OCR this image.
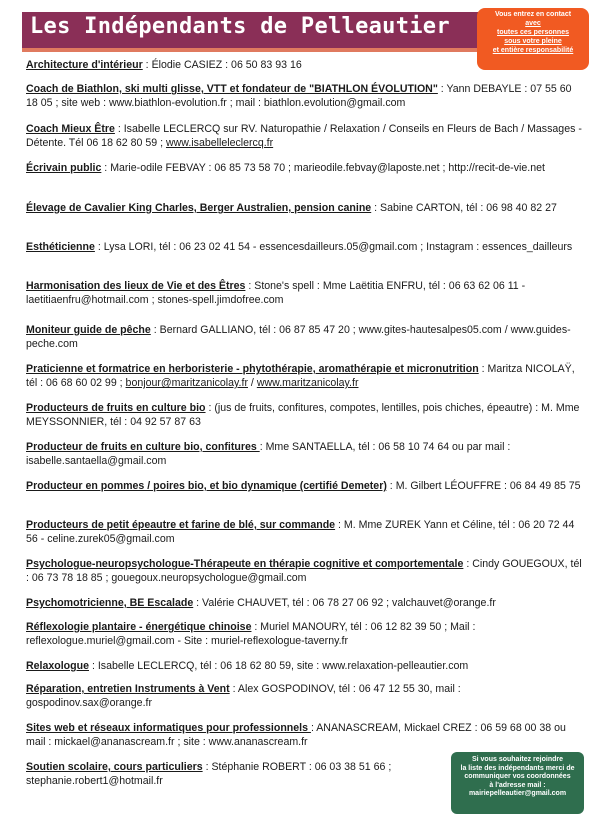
Les Indépendants de Pelleautier	Vous entrez en contact
avec
toutes ces personnes
sous votre pleine
et entière responsabilité
Architecture d'intérieur : Élodie CASIEZ : 06 50 83 93 16
Coach de Biathlon, ski multi glisse, VTT et fondateur de "BIATHLON ÉVOLUTION" : Yann DEBAYLE : 07 55 60 18 05 ; site web : www.biathlon-evolution.fr ; mail : biathlon.evolution@gmail.com
Coach Mieux Être : Isabelle LECLERCQ sur RV. Naturopathie / Relaxation / Conseils en Fleurs de Bach / Massages - Détente. Tél 06 18 62 80 59 ; www.isabelleleclercq.fr
Écrivain public : Marie-odile FEBVAY : 06 85 73 58 70 ; marieodile.febvay@laposte.net ; http://recit-de-vie.net
Élevage de Cavalier King Charles, Berger Australien, pension canine : Sabine CARTON, tél : 06 98 40 82 27
Esthéticienne : Lysa LORI, tél : 06 23 02 41 54 - essencesdailleurs.05@gmail.com ; Instagram : essences_dailleurs
Harmonisation des lieux de Vie et des Êtres : Stone's spell : Mme Laëtitia ENFRU, tél : 06 63 62 06 11 - laetitiaenfru@hotmail.com ; stones-spell.jimdofree.com
Moniteur guide de pêche : Bernard GALLIANO, tél : 06 87 85 47 20 ; www.gites-hautesalpes05.com / www.guides-peche.com
Praticienne et formatrice en herboristerie - phytothérapie, aromathérapie et micronutrition : Maritza NICOLAŸ, tél : 06 68 60 02 99 ; bonjour@maritzanicolay.fr / www.maritzanicolay.fr
Producteurs de fruits en culture bio : (jus de fruits, confitures, compotes, lentilles, pois chiches, épeautre) : M. Mme MEYSSONNIER, tél : 04 92 57 87 63
Producteur de fruits en culture bio, confitures : Mme SANTAELLA, tél : 06 58 10 74 64 ou par mail : isabelle.santaella@gmail.com
Producteur en pommes / poires bio, et bio dynamique (certifié Demeter) : M. Gilbert LÉOUFFRE : 06 84 49 85 75
Producteurs de petit épeautre et farine de blé, sur commande : M. Mme ZUREK Yann et Céline, tél : 06 20 72 44 56 - celine.zurek05@gmail.com
Psychologue-neuropsychologue-Thérapeute en thérapie cognitive et comportementale : Cindy GOUEGOUX, tél : 06 73 78 18 85 ; gouegoux.neuropsychologue@gmail.com
Psychomotricienne, BE Escalade : Valérie CHAUVET, tél : 06 78 27 06 92 ; valchauvet@orange.fr
Réflexologie plantaire - énergétique chinoise : Muriel MANOURY, tél : 06 12 82 39 50 ; Mail : reflexologue.muriel@gmail.com - Site : muriel-reflexologue-taverny.fr
Relaxologue : Isabelle LECLERCQ, tél : 06 18 62 80 59, site : www.relaxation-pelleautier.com
Réparation, entretien Instruments à Vent : Alex GOSPODINOV, tél : 06 47 12 55 30, mail : gospodinov.sax@orange.fr
Sites web et réseaux informatiques pour professionnels : ANANASCREAM, Mickael CREZ : 06 59 68 00 38 ou mail : mickael@ananascream.fr ; site : www.ananascream.fr
Soutien scolaire, cours particuliers : Stéphanie ROBERT : 06 03 38 51 66 ; stephanie.robert1@hotmail.fr
Si vous souhaitez rejoindre
la liste des indépendants merci de
communiquer vos coordonnées
à l'adresse mail :
mairiepelleautier@gmail.com
